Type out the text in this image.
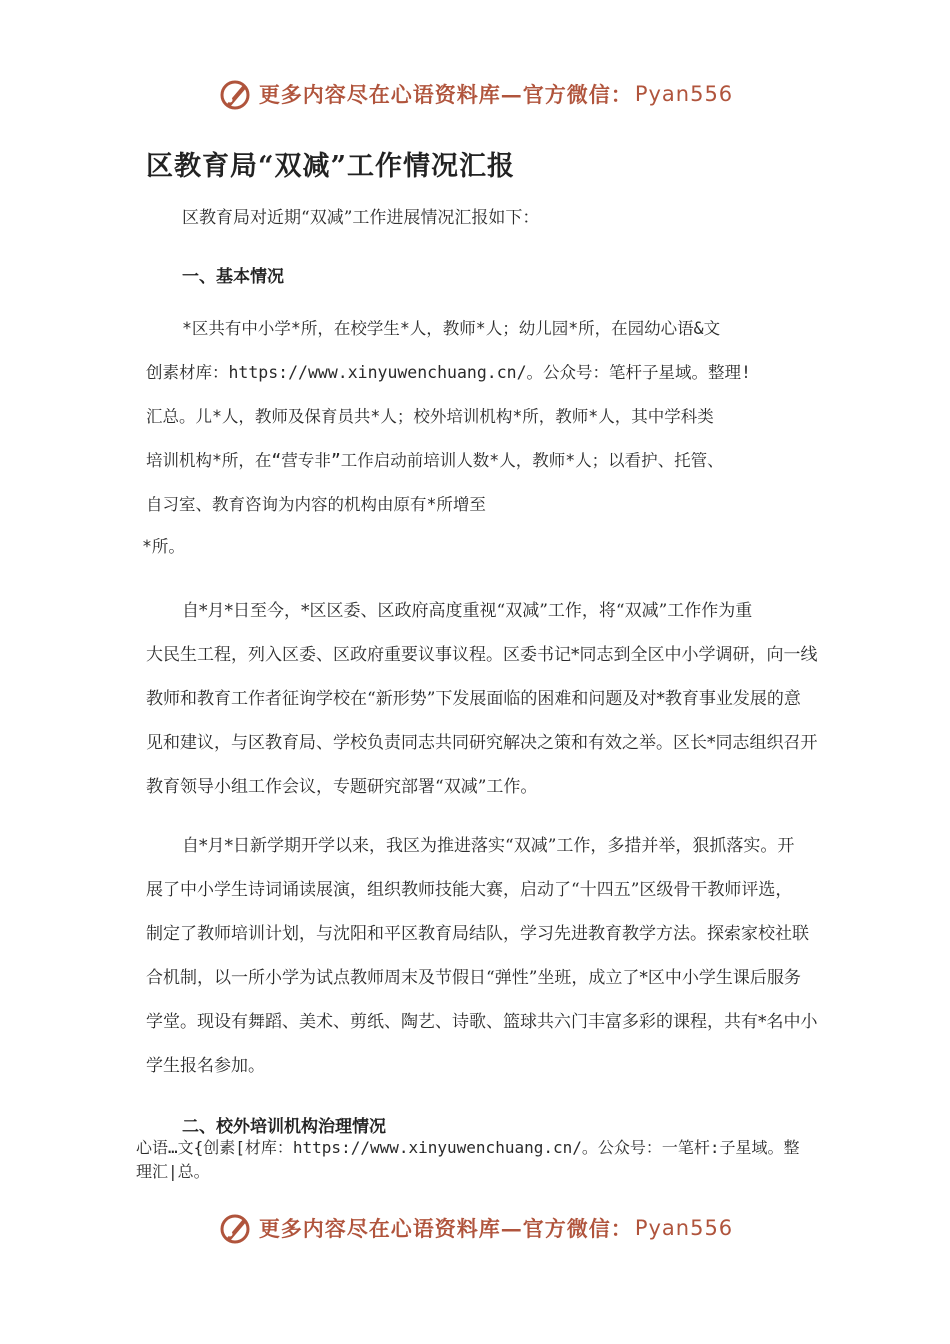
更多内容尽在心语资料库—官方微信： Pyan556
区教育局“双减”工作情况汇报
区教育局对近期“双减”工作进展情况汇报如下：
一、基本情况
*区共有中小学*所，在校学生*人，教师*人；幼儿园*所，在园幼心语&文
创素材库：https://www.xinyuwenchuang.cn/。公众号：笔杆子星域。整理!
汇总。儿*人，教师及保育员共*人；校外培训机构*所，教师*人，其中学科类
培训机构*所，在“营专非”工作启动前培训人数*人，教师*人；以看护、托管、
自习室、教育咨询为内容的机构由原有*所增至
*所。
自*月*日至今，*区区委、区政府高度重视“双减”工作，将“双减”工作作为重
大民生工程，列入区委、区政府重要议事议程。区委书记*同志到全区中小学调研，向一线
教师和教育工作者征询学校在“新形势”下发展面临的困难和问题及对*教育事业发展的意
见和建议，与区教育局、学校负责同志共同研究解决之策和有效之举。区长*同志组织召开
教育领导小组工作会议，专题研究部署“双减”工作。
自*月*日新学期开学以来，我区为推进落实“双减”工作，多措并举，狠抓落实。开
展了中小学生诗词诵读展演，组织教师技能大赛，启动了“十四五”区级骨干教师评选，
制定了教师培训计划，与沈阳和平区教育局结队，学习先进教育教学方法。探索家校社联
合机制，以一所小学为试点教师周末及节假日“弹性”坐班，成立了*区中小学生课后服务
学堂。现设有舞蹈、美术、剪纸、陶艺、诗歌、篮球共六门丰富多彩的课程，共有*名中小
学生报名参加。
二、校外培训机构治理情况
心语…文{创素[材库：https://www.xinyuwenchuang.cn/。公众号：一笔杆:子星域。整
理汇|总。
更多内容尽在心语资料库—官方微信： Pyan556
